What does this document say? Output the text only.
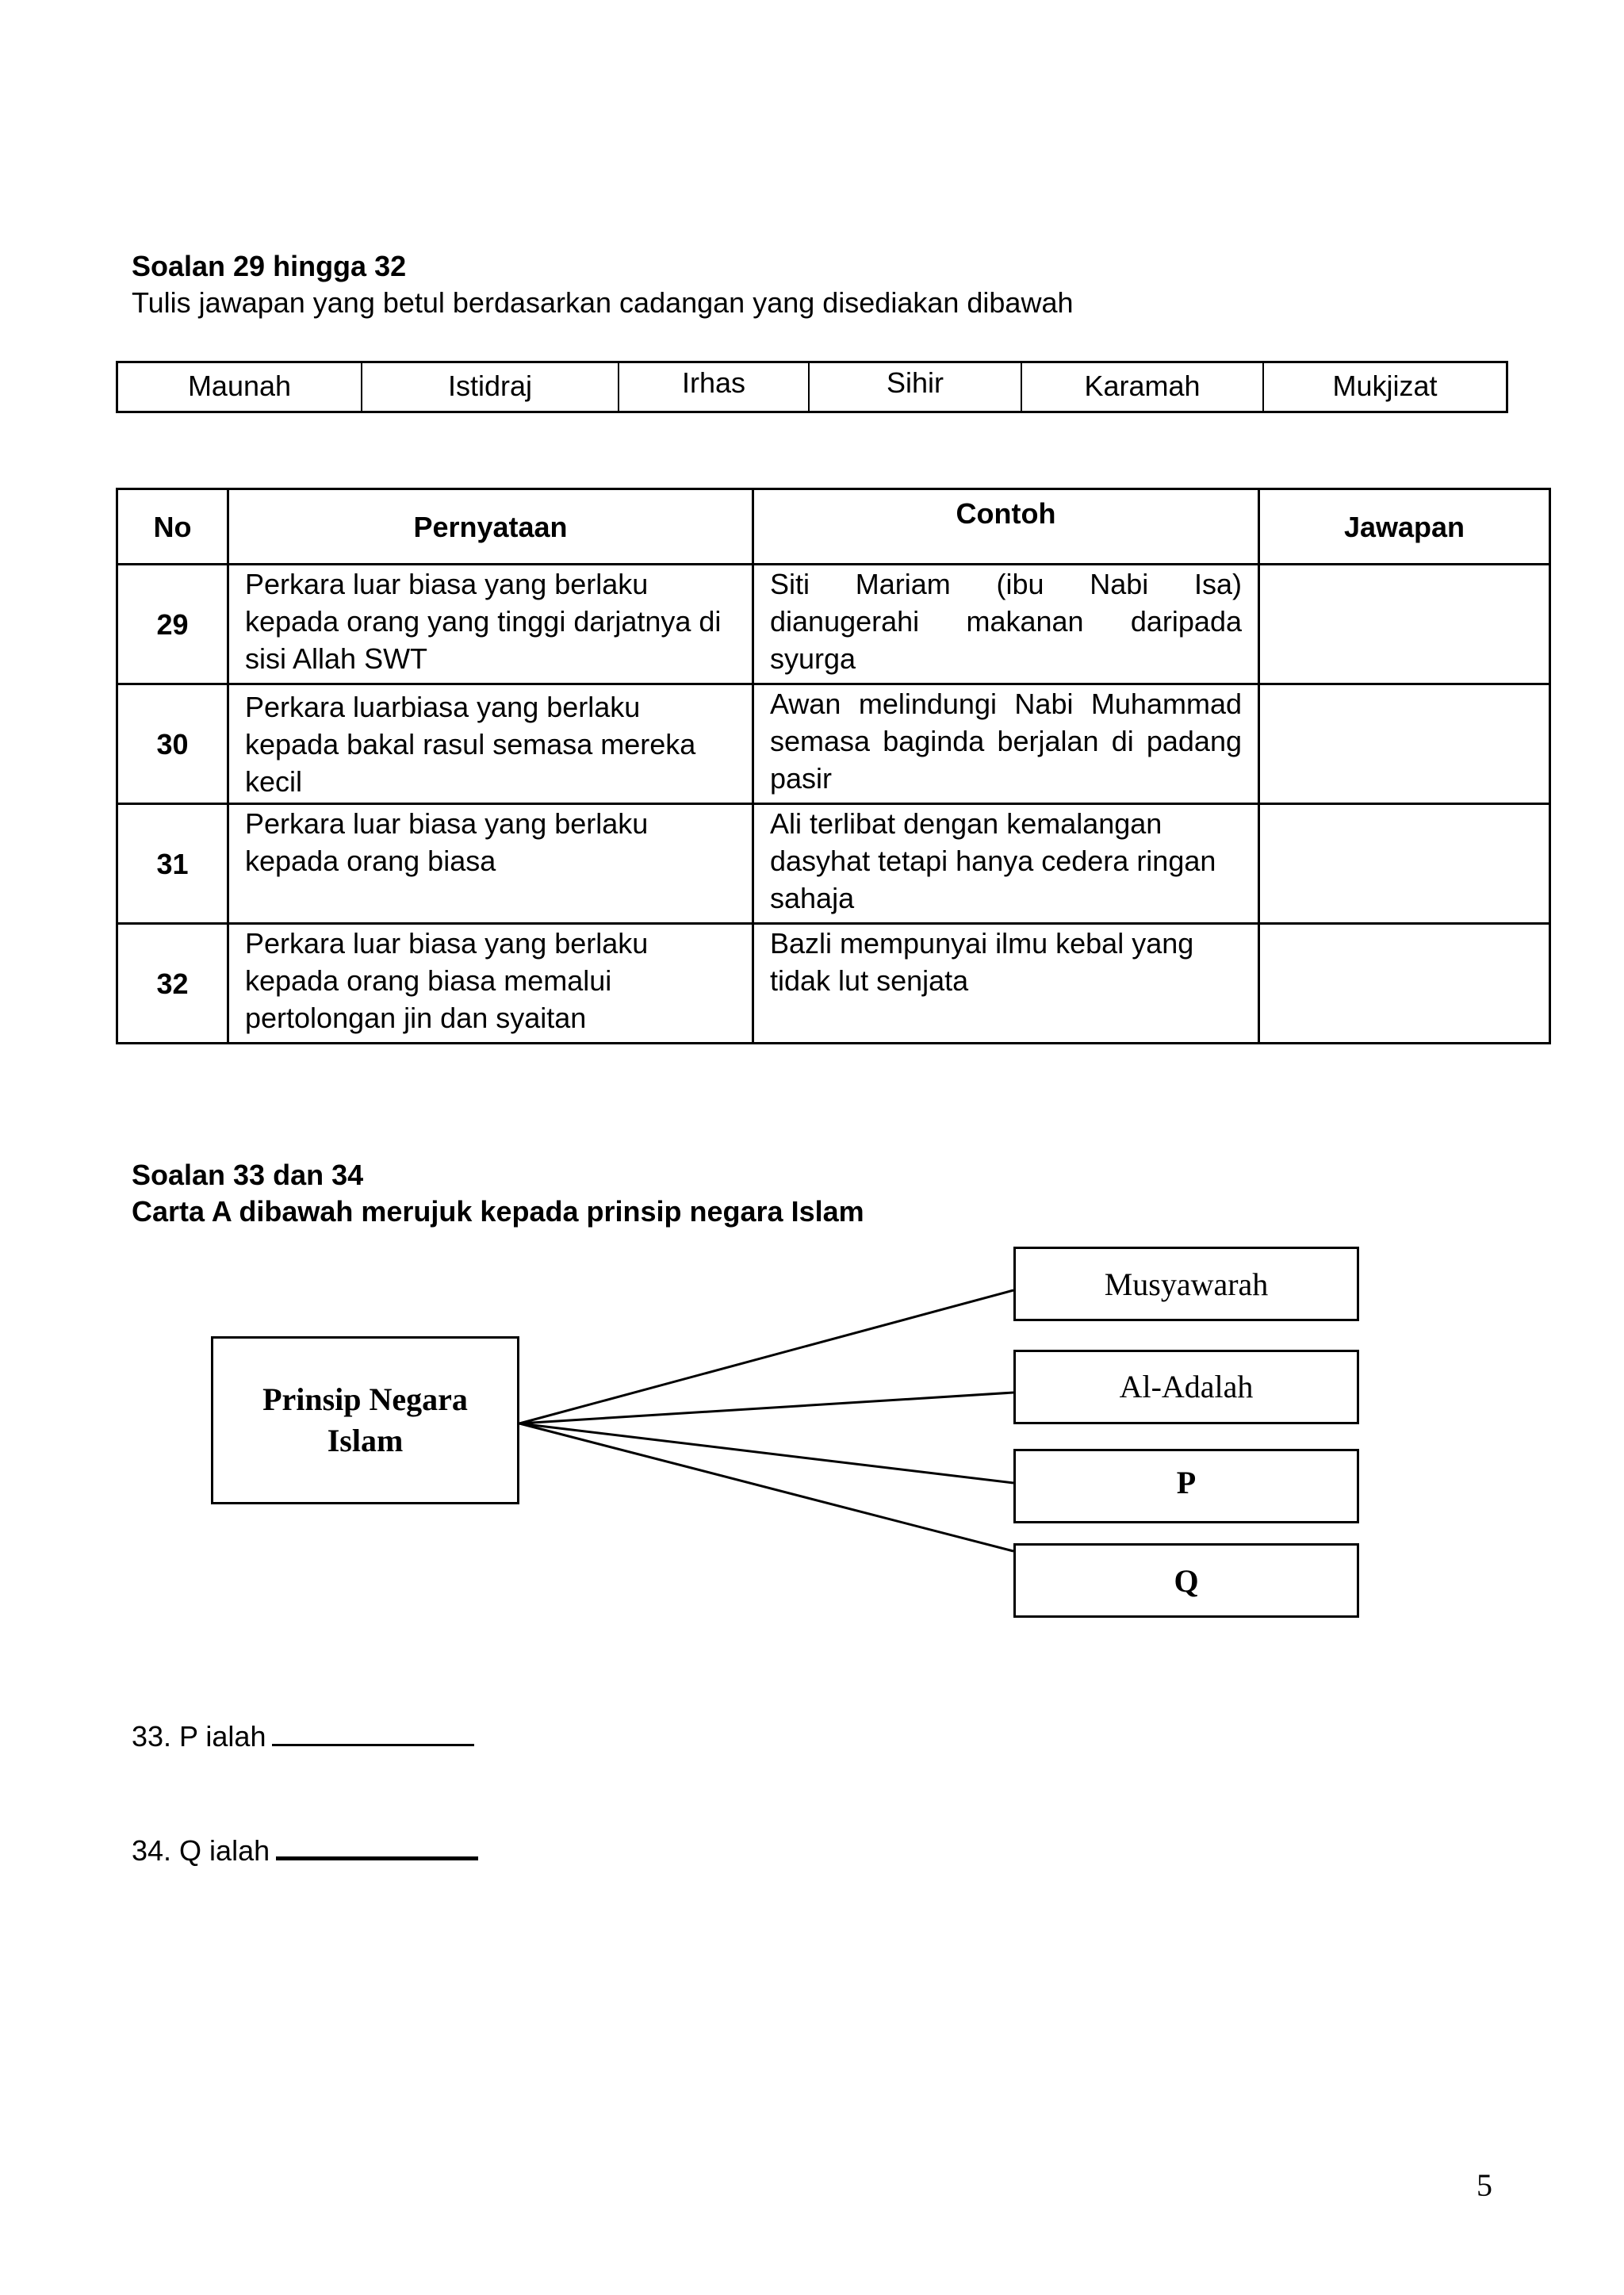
Soalan 29 hingga 32
Tulis jawapan yang betul berdasarkan cadangan yang disediakan dibawah
Maunah	Istidraj	Irhas	Sihir	Karamah	Mukjizat
No	Pernyataan	Contoh	Jawapan
29	Perkara luar biasa yang berlaku kepada orang yang tinggi darjatnya di sisi Allah SWT	Siti Mariam (ibu Nabi Isa) dianugerahi makanan daripada syurga	
30	Perkara luarbiasa yang berlaku kepada bakal rasul semasa mereka kecil	Awan melindungi Nabi Muhammad semasa baginda berjalan di padang pasir	
31	Perkara luar biasa yang berlaku kepada orang biasa	Ali terlibat dengan kemalangan dasyhat tetapi hanya cedera ringan sahaja	
32	Perkara luar biasa yang berlaku kepada orang biasa memalui pertolongan jin dan syaitan	Bazli mempunyai ilmu kebal yang tidak lut senjata	
Soalan 33 dan 34
Carta A dibawah merujuk kepada prinsip negara Islam
Prinsip Negara
Islam
Musyawarah
Al-Adalah
P
Q
33. P ialah
34. Q ialah
5
